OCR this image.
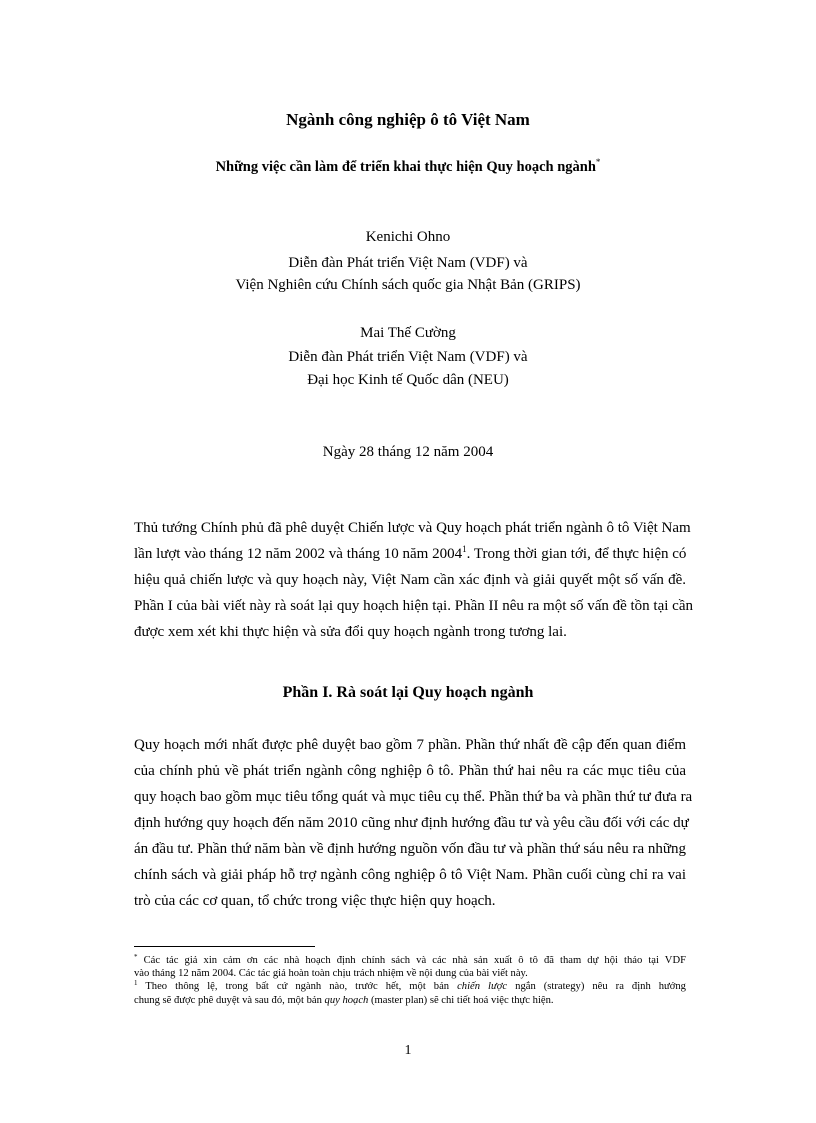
Ngành công nghiệp ô tô Việt Nam
Những việc cần làm để triển khai thực hiện Quy hoạch ngành*
Kenichi Ohno
Diễn đàn Phát triển Việt Nam (VDF) và
Viện Nghiên cứu Chính sách quốc gia Nhật Bản (GRIPS)
Mai Thế Cường
Diễn đàn Phát triển Việt Nam (VDF) và
Đại học Kinh tế Quốc dân (NEU)
Ngày 28 tháng 12 năm 2004
Thủ tướng Chính phủ đã phê duyệt Chiến lược và Quy hoạch phát triển ngành ô tô Việt Nam
lần lượt vào tháng 12 năm 2002 và tháng 10 năm 2004$^1$. Trong thời gian tới, để thực hiện có
hiệu quả chiến lược và quy hoạch này, Việt Nam cần xác định và giải quyết một số vấn đề.
Phần I của bài viết này rà soát lại quy hoạch hiện tại. Phần II nêu ra một số vấn đề tồn tại cần
được xem xét khi thực hiện và sửa đổi quy hoạch ngành trong tương lai.
Phần I. Rà soát lại Quy hoạch ngành
Quy hoạch mới nhất được phê duyệt bao gồm 7 phần. Phần thứ nhất đề cập đến quan điểm
của chính phủ về phát triển ngành công nghiệp ô tô. Phần thứ hai nêu ra các mục tiêu của
quy hoạch bao gồm mục tiêu tổng quát và mục tiêu cụ thể. Phần thứ ba và phần thứ tư đưa ra
định hướng quy hoạch đến năm 2010 cũng như định hướng đầu tư và yêu cầu đối với các dự
án đầu tư. Phần thứ năm bàn về định hướng nguồn vốn đầu tư và phần thứ sáu nêu ra những
chính sách và giải pháp hỗ trợ ngành công nghiệp ô tô Việt Nam. Phần cuối cùng chỉ ra vai
trò của các cơ quan, tổ chức trong việc thực hiện quy hoạch.
* Các tác giả xin cảm ơn các nhà hoạch định chính sách và các nhà sản xuất ô tô đã tham dự hội thảo tại VDF
vào tháng 12 năm 2004. Các tác giả hoàn toàn chịu trách nhiệm về nội dung của bài viết này.
$^1$ Theo thông lệ, trong bất cứ ngành nào, trước hết, một bản chiến lược ngắn (strategy) nêu ra định hướng
chung sẽ được phê duyệt và sau đó, một bản quy hoạch (master plan) sẽ chi tiết hoá việc thực hiện.
1
